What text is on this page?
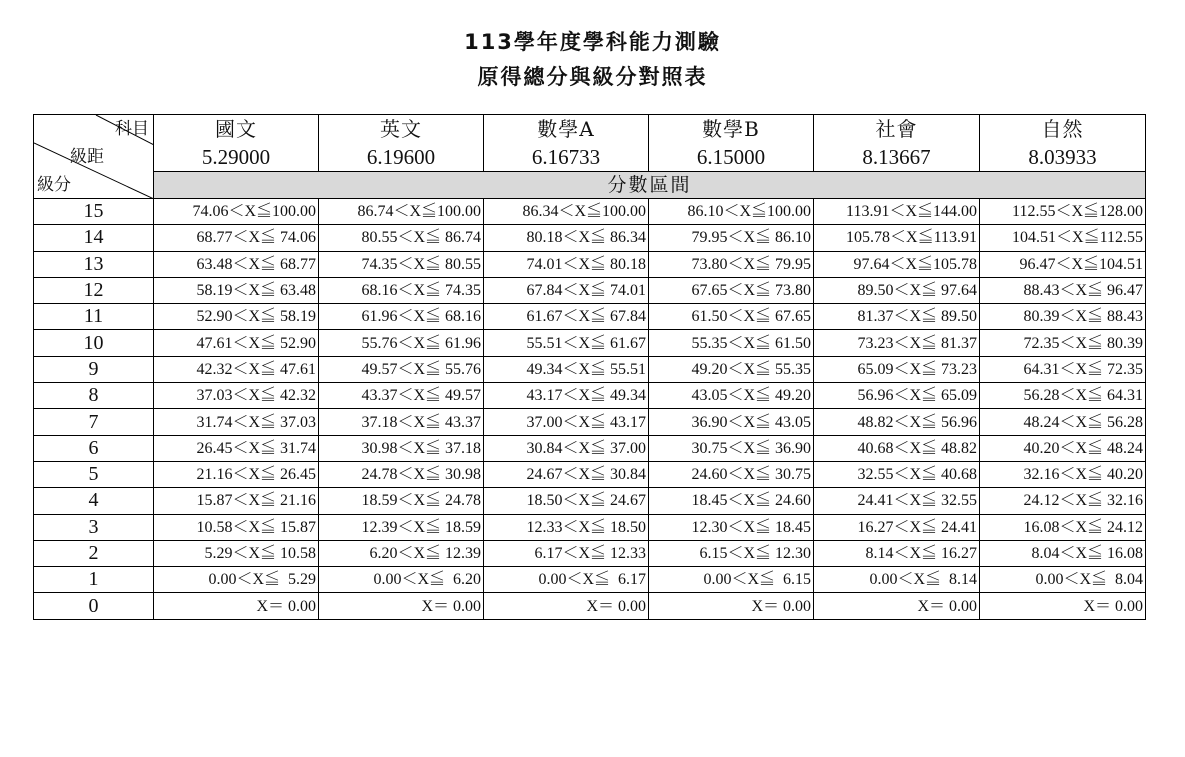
113學年度學科能力測驗
原得總分與級分對照表
科目
級距
級分	國文	英文	數學A	數學B	社會	自然
	5.29000	6.19600	6.16733	6.15000	8.13667	8.03933
	分數區間					
15	74.06＜X≦100.00	86.74＜X≦100.00	86.34＜X≦100.00	86.10＜X≦100.00	113.91＜X≦144.00	112.55＜X≦128.00
14	68.77＜X≦ 74.06	80.55＜X≦ 86.74	80.18＜X≦ 86.34	79.95＜X≦ 86.10	105.78＜X≦113.91	104.51＜X≦112.55
13	63.48＜X≦ 68.77	74.35＜X≦ 80.55	74.01＜X≦ 80.18	73.80＜X≦ 79.95	97.64＜X≦105.78	96.47＜X≦104.51
12	58.19＜X≦ 63.48	68.16＜X≦ 74.35	67.84＜X≦ 74.01	67.65＜X≦ 73.80	89.50＜X≦ 97.64	88.43＜X≦ 96.47
11	52.90＜X≦ 58.19	61.96＜X≦ 68.16	61.67＜X≦ 67.84	61.50＜X≦ 67.65	81.37＜X≦ 89.50	80.39＜X≦ 88.43
10	47.61＜X≦ 52.90	55.76＜X≦ 61.96	55.51＜X≦ 61.67	55.35＜X≦ 61.50	73.23＜X≦ 81.37	72.35＜X≦ 80.39
9	42.32＜X≦ 47.61	49.57＜X≦ 55.76	49.34＜X≦ 55.51	49.20＜X≦ 55.35	65.09＜X≦ 73.23	64.31＜X≦ 72.35
8	37.03＜X≦ 42.32	43.37＜X≦ 49.57	43.17＜X≦ 49.34	43.05＜X≦ 49.20	56.96＜X≦ 65.09	56.28＜X≦ 64.31
7	31.74＜X≦ 37.03	37.18＜X≦ 43.37	37.00＜X≦ 43.17	36.90＜X≦ 43.05	48.82＜X≦ 56.96	48.24＜X≦ 56.28
6	26.45＜X≦ 31.74	30.98＜X≦ 37.18	30.84＜X≦ 37.00	30.75＜X≦ 36.90	40.68＜X≦ 48.82	40.20＜X≦ 48.24
5	21.16＜X≦ 26.45	24.78＜X≦ 30.98	24.67＜X≦ 30.84	24.60＜X≦ 30.75	32.55＜X≦ 40.68	32.16＜X≦ 40.20
4	15.87＜X≦ 21.16	18.59＜X≦ 24.78	18.50＜X≦ 24.67	18.45＜X≦ 24.60	24.41＜X≦ 32.55	24.12＜X≦ 32.16
3	10.58＜X≦ 15.87	12.39＜X≦ 18.59	12.33＜X≦ 18.50	12.30＜X≦ 18.45	16.27＜X≦ 24.41	16.08＜X≦ 24.12
2	5.29＜X≦ 10.58	6.20＜X≦ 12.39	6.17＜X≦ 12.33	6.15＜X≦ 12.30	8.14＜X≦ 16.27	8.04＜X≦ 16.08
1	0.00＜X≦  5.29	0.00＜X≦  6.20	0.00＜X≦  6.17	0.00＜X≦  6.15	0.00＜X≦  8.14	0.00＜X≦  8.04
0	X＝ 0.00	X＝ 0.00	X＝ 0.00	X＝ 0.00	X＝ 0.00	X＝ 0.00
